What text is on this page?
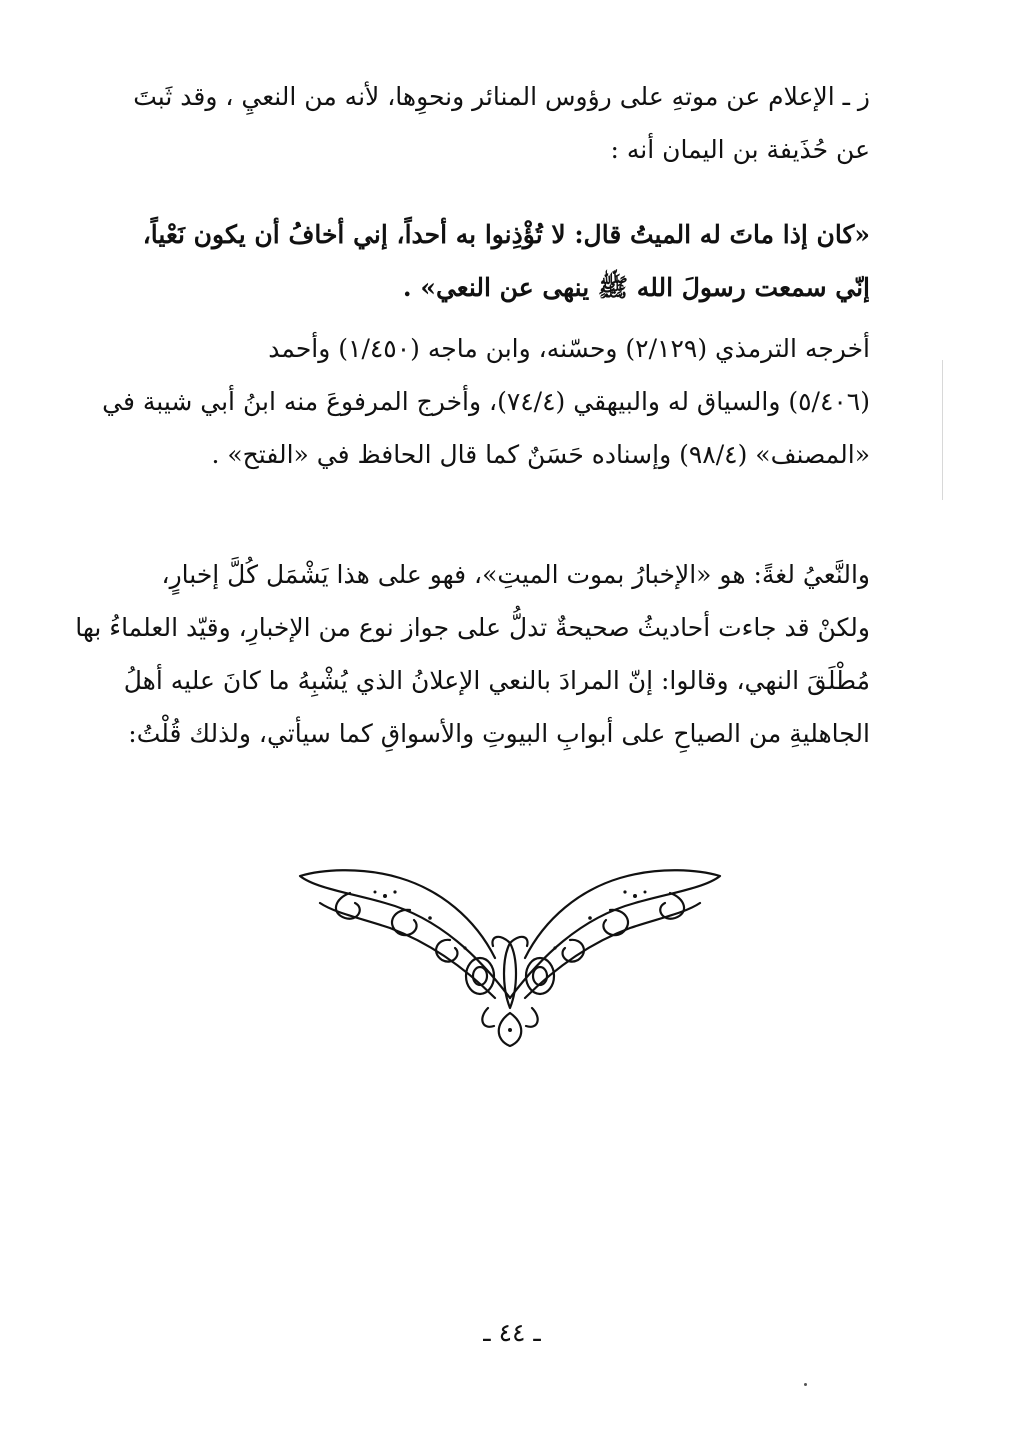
ز ـ الإعلام عن موتهِ على رؤوس المنائر ونحوِها، لأنه من النعيِ ، وقد ثَبتَ
عن حُذَيفة بن اليمان أنه :
«كان إذا ماتَ له الميتُ قال: لا تُؤْذِنوا به أحداً، إني أخافُ أن يكون نَعْياً،
إنّي سمعت رسولَ الله ﷺ ينهى عن النعي» .
أخرجه الترمذي (٢/١٢٩) وحسّنه، وابن ماجه (١/٤٥٠) وأحمد
(٥/٤٠٦) والسياق له والبيهقي (٧٤/٤)، وأخرج المرفوعَ منه ابنُ أبي شيبة في
«المصنف» (٩٨/٤) وإسناده حَسَنٌ كما قال الحافظ في «الفتح» .
والنَّعيُ لغةً: هو «الإخبارُ بموت الميتِ»، فهو على هذا يَشْمَل كُلَّ إخبارٍ،
ولكنْ قد جاءت أحاديثُ صحيحةٌ تدلُّ على جواز نوع من الإخبارِ، وقيّد العلماءُ بها
مُطْلَقَ النهي، وقالوا: إنّ المرادَ بالنعي الإعلانُ الذي يُشْبِهُ ما كانَ عليه أهلُ
الجاهليةِ من الصياحِ على أبوابِ البيوتِ والأسواقِ كما سيأتي، ولذلك قُلْتُ:
ـ ٤٤ ـ
